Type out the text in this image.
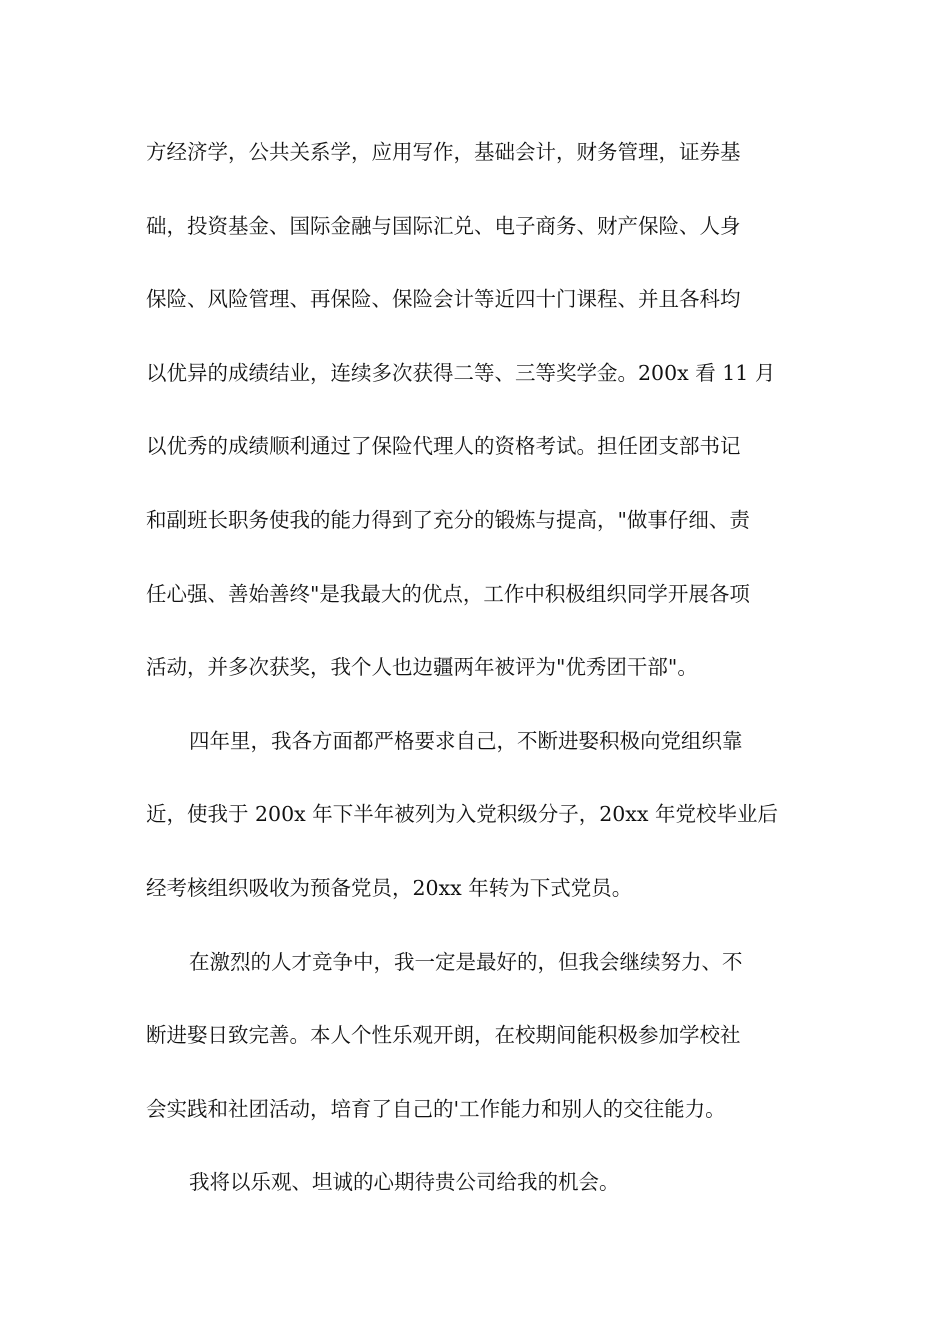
方经济学，公共关系学，应用写作，基础会计，财务管理，证券基
础，投资基金、国际金融与国际汇兑、电子商务、财产保险、人身
保险、风险管理、再保险、保险会计等近四十门课程、并且各科均
以优异的成绩结业，连续多次获得二等、三等奖学金。200x 看 11 月
以优秀的成绩顺利通过了保险代理人的资格考试。担任团支部书记
和副班长职务使我的能力得到了充分的锻炼与提高，"做事仔细、责
任心强、善始善终"是我最大的优点，工作中积极组织同学开展各项
活动，并多次获奖，我个人也边疆两年被评为"优秀团干部"。
四年里，我各方面都严格要求自己，不断进娶积极向党组织靠
近，使我于 200x 年下半年被列为入党积级分子，20xx 年党校毕业后
经考核组织吸收为预备党员，20xx 年转为下式党员。
在激烈的人才竞争中，我一定是最好的，但我会继续努力、不
断进娶日致完善。本人个性乐观开朗，在校期间能积极参加学校社
会实践和社团活动，培育了自己的'工作能力和别人的交往能力。
我将以乐观、坦诚的心期待贵公司给我的机会。
